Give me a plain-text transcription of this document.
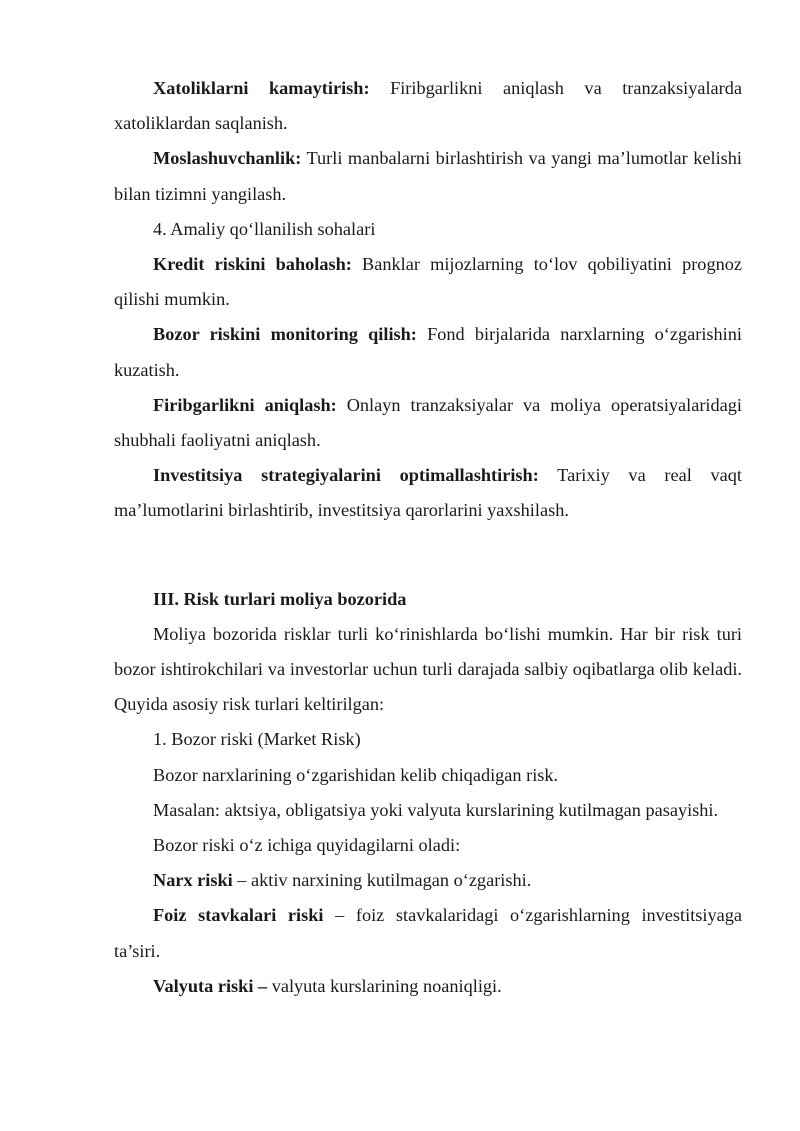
Xatoliklarni kamaytirish: Firibgarlikni aniqlash va tranzaksiyalarda xatoliklardan saqlanish.

Moslashuvchanlik: Turli manbalarni birlashtirish va yangi ma’lumotlar kelishi bilan tizimni yangilash.

4. Amaliy qo‘llanilish sohalari

Kredit riskini baholash: Banklar mijozlarning to‘lov qobiliyatini prognoz qilishi mumkin.

Bozor riskini monitoring qilish: Fond birjalarida narxlarning o‘zgarishini kuzatish.

Firibgarlikni aniqlash: Onlayn tranzaksiyalar va moliya operatsiyalaridagi shubhali faoliyatni aniqlash.

Investitsiya strategiyalarini optimallashtirish: Tarixiy va real vaqt ma’lumotlarini birlashtirib, investitsiya qarorlarini yaxshilash.

III. Risk turlari moliya bozorida

Moliya bozorida risklar turli ko‘rinishlarda bo‘lishi mumkin. Har bir risk turi bozor ishtirokchilari va investorlar uchun turli darajada salbiy oqibatlarga olib keladi. Quyida asosiy risk turlari keltirilgan:

1. Bozor riski (Market Risk)

Bozor narxlarining o‘zgarishidan kelib chiqadigan risk.

Masalan: aktsiya, obligatsiya yoki valyuta kurslarining kutilmagan pasayishi.

Bozor riski o‘z ichiga quyidagilarni oladi:

Narx riski – aktiv narxining kutilmagan o‘zgarishi.

Foiz stavkalari riski – foiz stavkalaridagi o‘zgarishlarning investitsiyaga ta’siri.

Valyuta riski – valyuta kurslarining noaniqligi.
